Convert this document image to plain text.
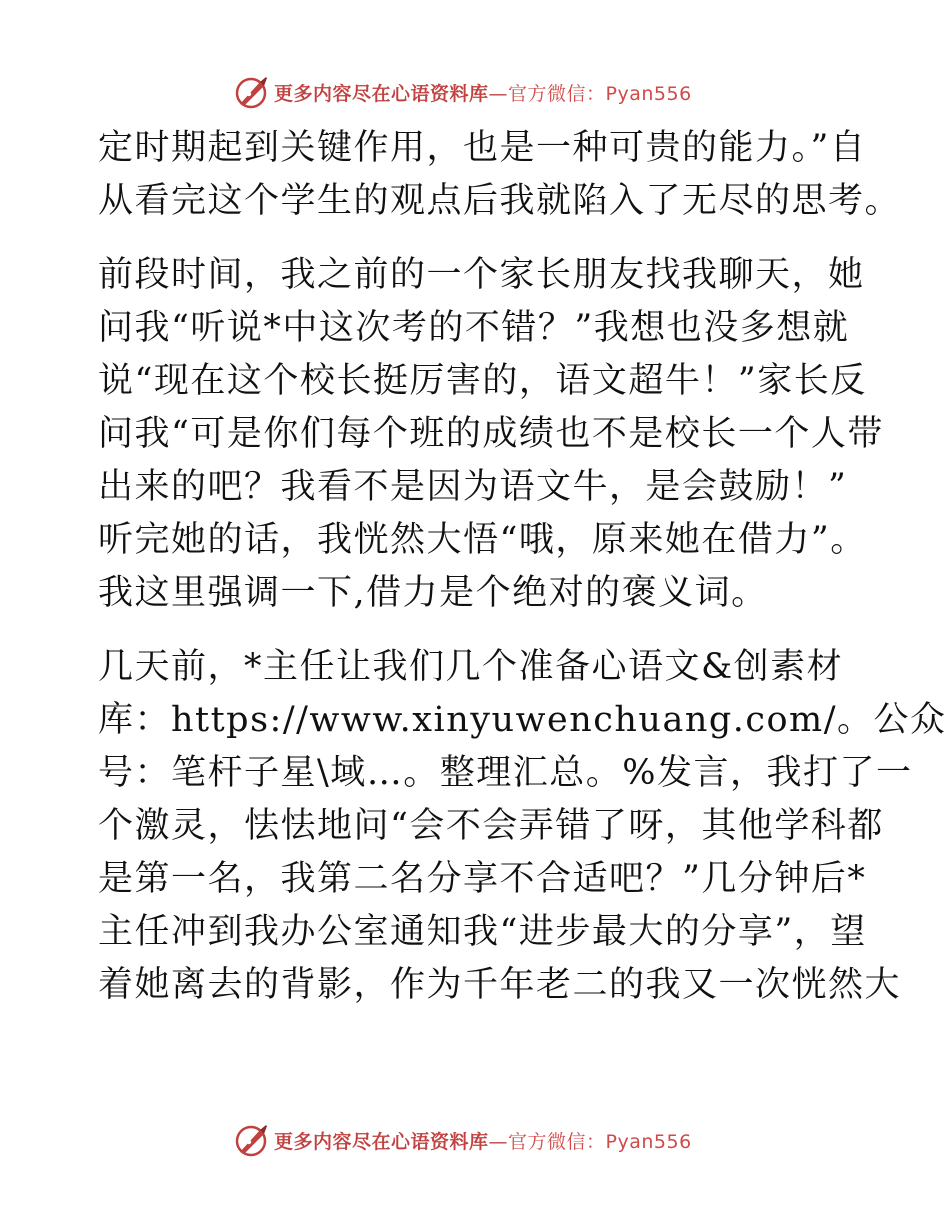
更多内容尽在心语资料库—官方微信：Pyan556
定时期起到关键作用，也是一种可贵的能力。”自
从看完这个学生的观点后我就陷入了无尽的思考。
前段时间，我之前的一个家长朋友找我聊天，她
问我“听说*中这次考的不错？”我想也没多想就
说“现在这个校长挺厉害的，语文超牛！”家长反
问我“可是你们每个班的成绩也不是校长一个人带
出来的吧？我看不是因为语文牛，是会鼓励！”
听完她的话，我恍然大悟“哦，原来她在借力”。
我这里强调一下,借力是个绝对的褒义词。
几天前，*主任让我们几个准备心语文&创素材
库：https://www.xinyuwenchuang.com/。公众
号：笔杆子星\域…。整理汇总。%发言，我打了一
个激灵，怯怯地问“会不会弄错了呀，其他学科都
是第一名，我第二名分享不合适吧？”几分钟后*
主任冲到我办公室通知我“进步最大的分享”，望
着她离去的背影，作为千年老二的我又一次恍然大
更多内容尽在心语资料库—官方微信：Pyan556
